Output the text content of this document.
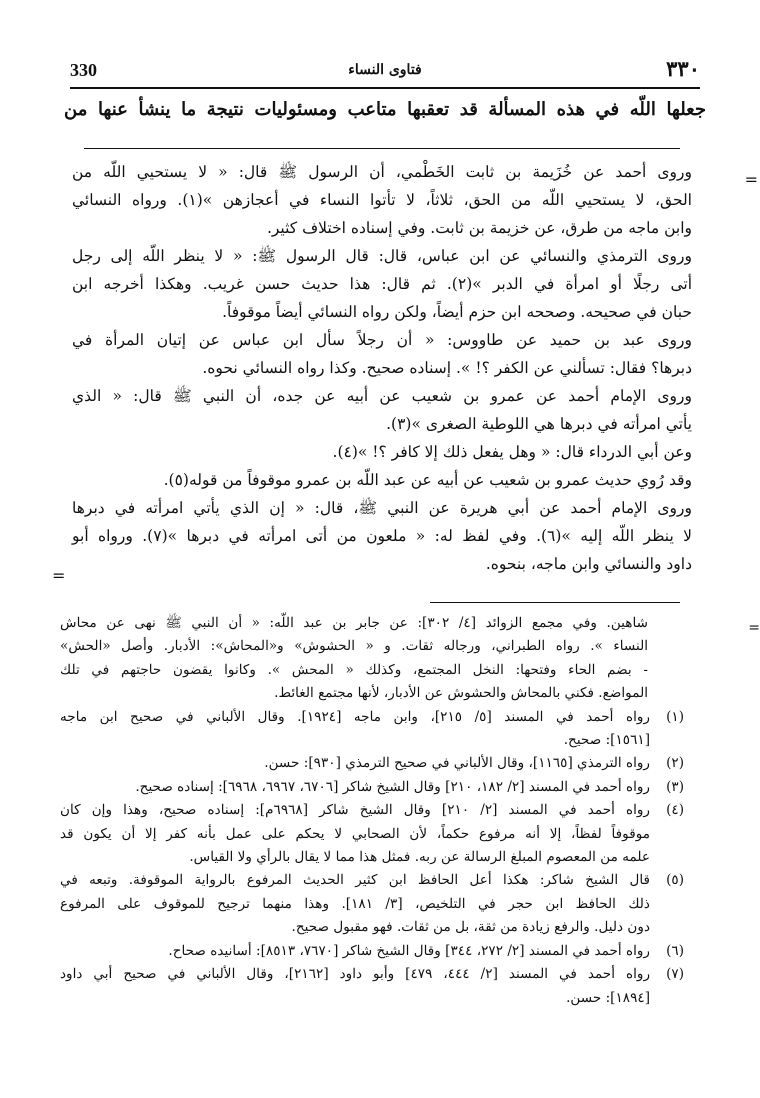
330	فتاوى النساء	٣٣٠
جعلها اللّه في هذه المسألة قد تعقبها متاعب ومسئوليات نتيجة ما ينشأ عنها من
=

وروى أحمد عن خُزَيمة بن ثابت الخَطْمي، أن الرسول ﷺ قال: « لا يستحيي اللّه من

الحق، لا يستحيي اللّه من الحق، ثلاثاً، لا تأتوا النساء في أعجازهن »(١). ورواه النسائي

وابن ماجه من طرق، عن خزيمة بن ثابت. وفي إسناده اختلاف كثير.

وروى الترمذي والنسائي عن ابن عباس، قال: قال الرسول ﷺ: « لا ينظر اللّه إلى رجل

أتى رجلًا أو امرأة في الدبر »(٢). ثم قال: هذا حديث حسن غريب. وهكذا أخرجه ابن

حبان في صحيحه. وصححه ابن حزم أيضاً، ولكن رواه النسائي أيضاً موقوفاً.

وروى عبد بن حميد عن طاووس: « أن رجلاً سأل ابن عباس عن إتيان المرأة في

دبرها؟ فقال: تسألني عن الكفر ؟! ». إسناده صحيح. وكذا رواه النسائي نحوه.

وروى الإمام أحمد عن عمرو بن شعيب عن أبيه عن جده، أن النبي ﷺ قال: « الذي

يأتي امرأته في دبرها هي اللوطية الصغرى »(٣).

وعن أبي الدرداء قال: « وهل يفعل ذلك إلا كافر ؟! »(٤).

وقد رُوي حديث عمرو بن شعيب عن أبيه عن عبد اللّه بن عمرو موقوفاً من قوله(٥).

وروى الإمام أحمد عن أبي هريرة عن النبي ﷺ، قال: « إن الذي يأتي امرأته في دبرها

لا ينظر اللّه إليه »(٦). وفي لفظ له: « ملعون من أتى امرأته في دبرها »(٧). ورواه أبو

داود والنسائي وابن ماجه، بنحوه.

=
=

شاهين. وفي مجمع الزوائد [٤/ ٣٠٢]: عن جابر بن عبد اللّه: « أن النبي ﷺ نهى عن محاش

النساء ». رواه الطبراني، ورجاله ثقات. و « الحشوش» و«المحاش»: الأدبار. وأصل «الحش»

- بضم الحاء وفتحها: النخل المجتمع، وكذلك « المحش ». وكانوا يقضون حاجتهم في تلك

المواضع. فكني بالمحاش والحشوش عن الأدبار، لأنها مجتمع الغائط.

(١)

رواه أحمد في المسند [٥/ ٢١٥]، وابن ماجه [١٩٢٤]. وقال الألباني في صحيح ابن ماجه

[١٥٦١]: صحيح.

(٢)

رواه الترمذي [١١٦٥]، وقال الألباني في صحيح الترمذي [٩٣٠]: حسن.

(٣)

رواه أحمد في المسند [٢/ ١٨٢، ٢١٠] وقال الشيخ شاكر [٦٧٠٦، ٦٩٦٧، ٦٩٦٨]: إسناده صحيح.

(٤)

رواه أحمد في المسند [٢/ ٢١٠] وقال الشيخ شاكر [٦٩٦٨م]: إسناده صحيح، وهذا وإن كان

موقوفاً لفظاً، إلا أنه مرفوع حكماً، لأن الصحابي لا يحكم على عمل بأنه كفر إلا أن يكون قد

علمه من المعصوم المبلغ الرسالة عن ربه. فمثل هذا مما لا يقال بالرأي ولا القياس.

(٥)

قال الشيخ شاكر: هكذا أعل الحافظ ابن كثير الحديث المرفوع بالرواية الموقوفة. وتبعه في

ذلك الحافظ ابن حجر في التلخيص، [٣/ ١٨١]. وهذا منهما ترجيح للموقوف على المرفوع

دون دليل. والرفع زيادة من ثقة، بل من ثقات. فهو مقبول صحيح.

(٦)

رواه أحمد في المسند [٢/ ٢٧٢، ٣٤٤] وقال الشيخ شاكر [٧٦٧٠، ٨٥١٣]: أسانيده صحاح.

(٧)

رواه أحمد في المسند [٢/ ٤٤٤، ٤٧٩] وأبو داود [٢١٦٢]، وقال الألباني في صحيح أبي داود

[١٨٩٤]: حسن.
